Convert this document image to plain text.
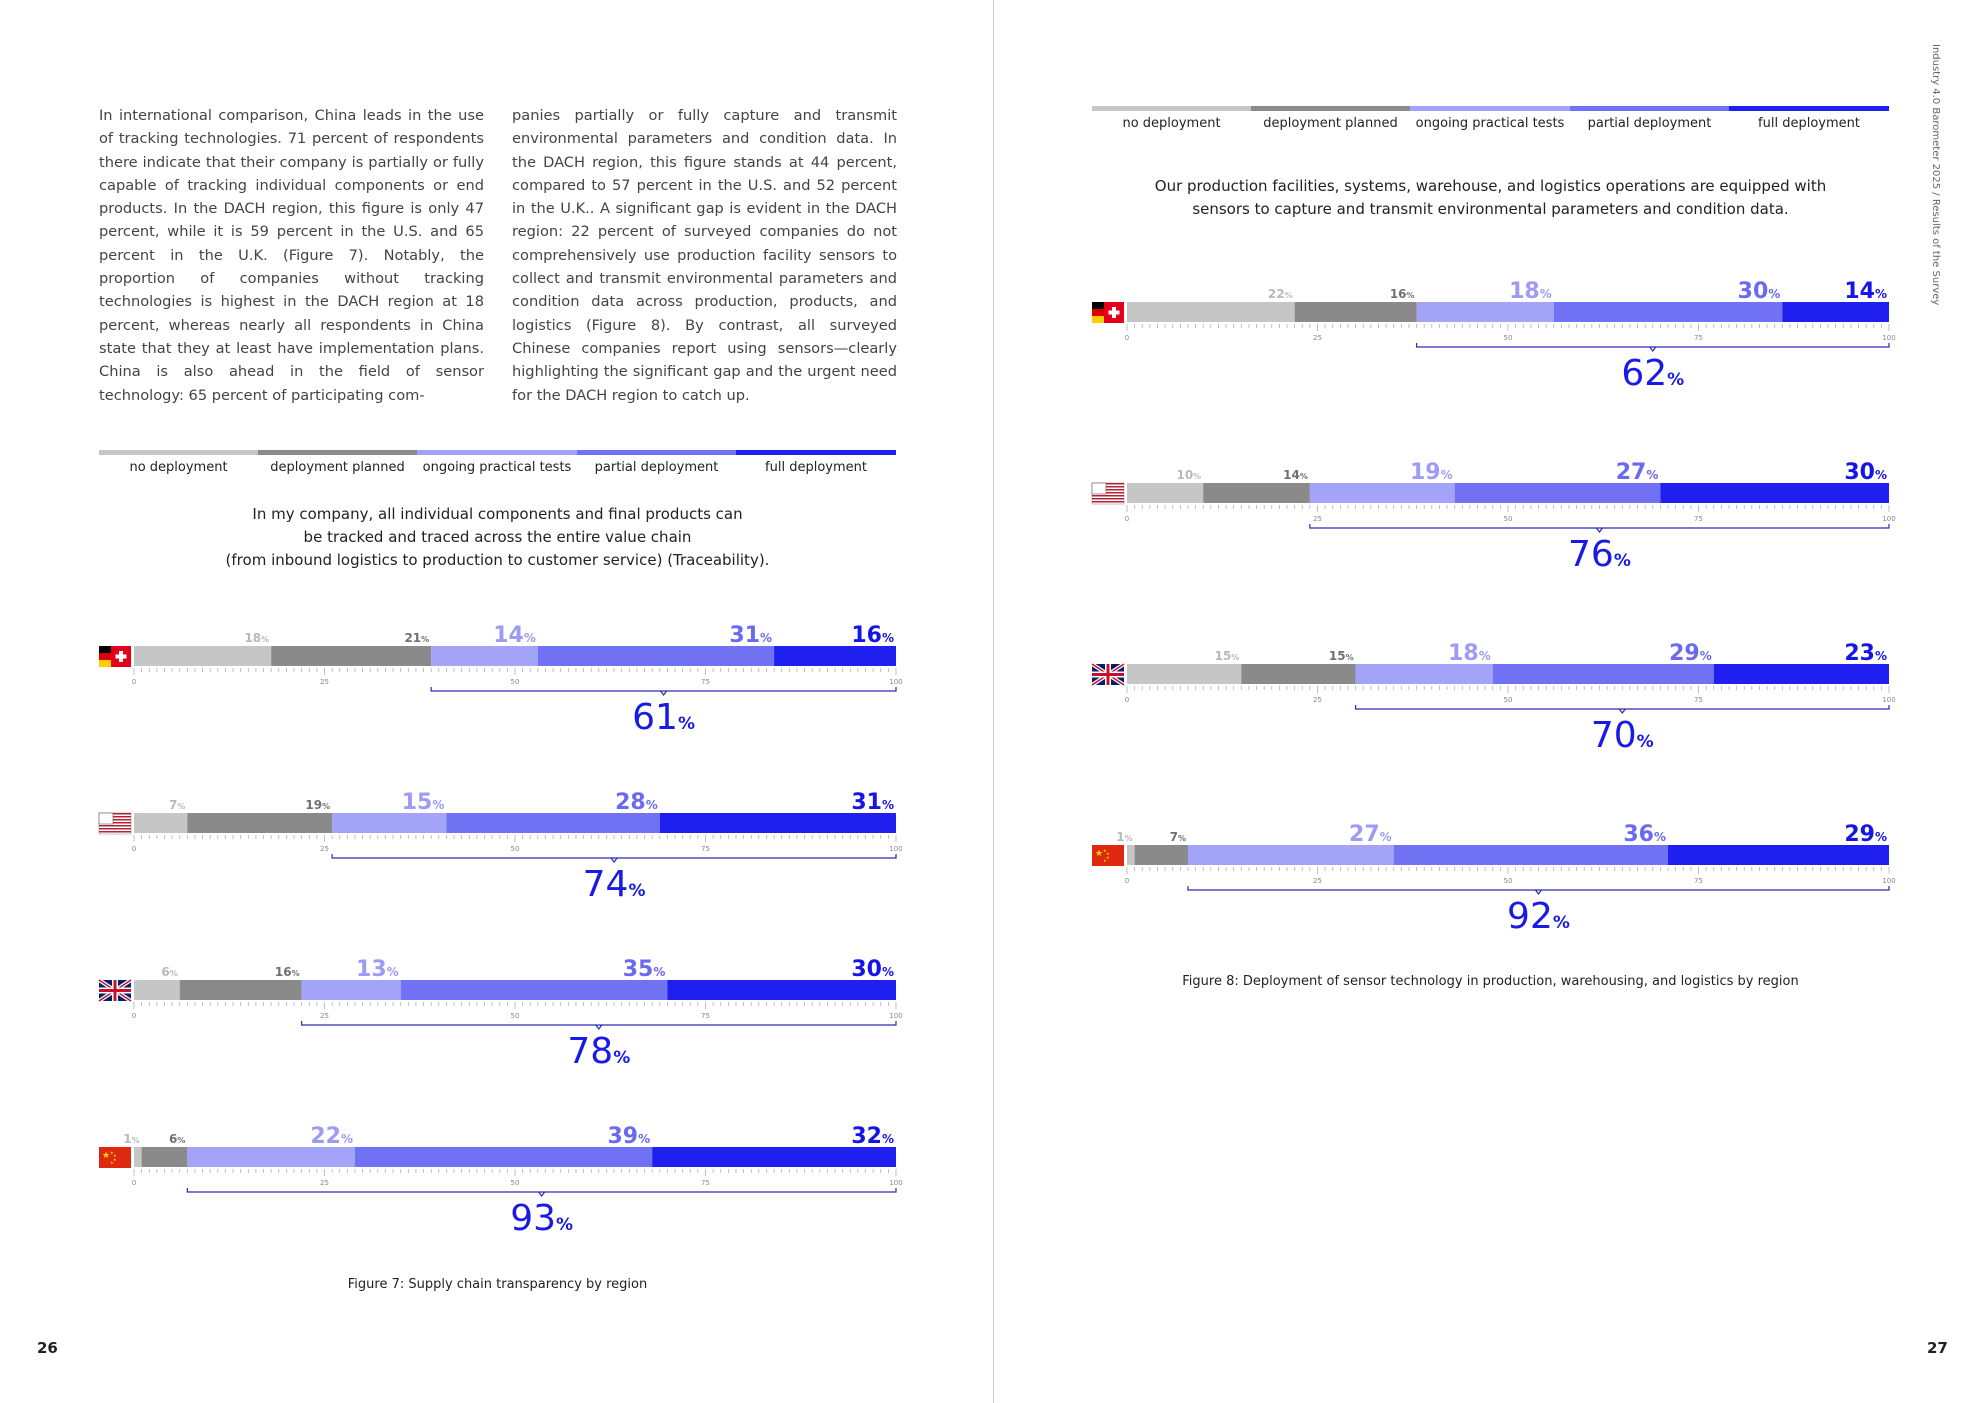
In international comparison, China leads in the use of tracking technologies. 71 percent of respondents there indicate that their company is partially or fully capable of tracking individual components or end products. In the DACH region, this figure is only 47 percent, while it is 59 percent in the U.S. and 65 percent in the U.K. (Figure 7). Notably, the proportion of companies without tracking technologies is highest in the DACH region at 18 percent, whereas nearly all respondents in China state that they at least have implementation plans. China is also ahead in the field of sensor technology: 65 percent of participating com-
panies partially or fully capture and transmit environmental parameters and condition data. In the DACH region, this figure stands at 44 percent, compared to 57 percent in the U.S. and 52 percent in the U.K.. A significant gap is evident in the DACH region: 22 percent of surveyed companies do not comprehensively use production facility sensors to collect and transmit environmental parameters and condition data across production, products, and logistics (Figure 8). By contrast, all surveyed Chinese companies report using sensors—clearly highlighting the significant gap and the urgent need for the DACH region to catch up.
no deployment	deployment planned	ongoing practical tests	partial deployment	full deployment
In my company, all individual components and final products can
be tracked and traced across the entire value chain
(from inbound logistics to production to customer service) (Traceability).
18%	21%	14%	31%	16%
0	25	50	75	100
61%
7%	19%	15%	28%	31%
0	25	50	75	100
74%
6%	16%	13%	35%	30%
0	25	50	75	100
78%
★ ★
★
★
★
1% 6%	22%	39%	32%
0	25	50	75	100
93%
Figure 7: Supply chain transparency by region
no deployment	deployment planned	ongoing practical tests	partial deployment	full deployment
Our production facilities, systems, warehouse, and logistics operations are equipped with
sensors to capture and transmit environmental parameters and condition data.
22%	16%	18%	30%	14%
0	25	50	75	100
62%
10%	14%	19%	27%	30%
0	25	50	75	100
76%
15%	15%	18%	29%	23%
0	25	50	75	100
70%
★ ★
★
★
★
1%	7%	27%	36%	29%
0	25	50	75	100
92%
Figure 8: Deployment of sensor technology in production, warehousing, and logistics by region
26	27
Industry 4.0 Barometer 2025 / Results of the Survey
